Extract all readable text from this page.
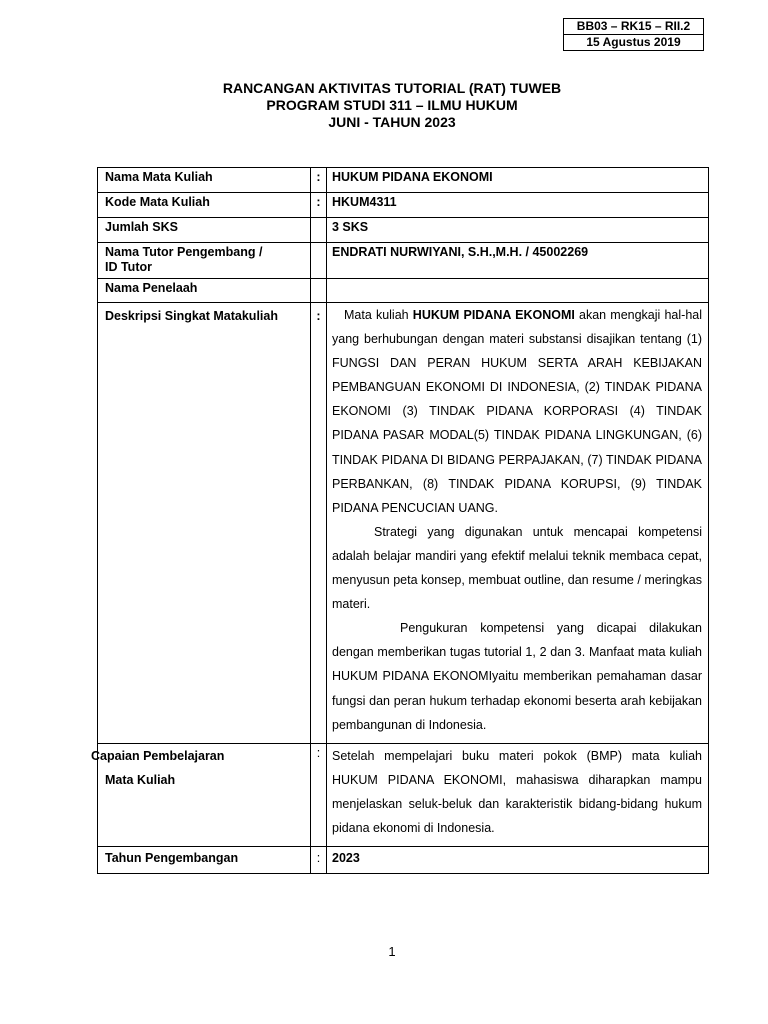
BB03 – RK15 – RII.2
15 Agustus 2019
RANCANGAN AKTIVITAS TUTORIAL (RAT) TUWEB
PROGRAM STUDI 311 – ILMU HUKUM
JUNI - TAHUN 2023
Nama Mata Kuliah	:	HUKUM PIDANA EKONOMI
Kode Mata Kuliah	:	HKUM4311
Jumlah SKS		3 SKS

Nama Tutor Pengembang /
ID Tutor		ENDRATI NURWIYANI, S.H.,M.H. / 45002269
Nama Penelaah		
Deskripsi Singkat Matakuliah	:	Mata kuliah HUKUM PIDANA EKONOMI akan mengkaji hal-hal yang berhubungan dengan materi substansi disajikan tentang (1) FUNGSI DAN PERAN HUKUM SERTA ARAH KEBIJAKAN PEMBANGUAN EKONOMI DI INDONESIA, (2) TINDAK PIDANA EKONOMI (3) TINDAK PIDANA KORPORASI (4) TINDAK PIDANA PASAR MODAL(5) TINDAK PIDANA LINGKUNGAN, (6) TINDAK PIDANA DI BIDANG PERPAJAKAN, (7) TINDAK PIDANA PERBANKAN, (8) TINDAK PIDANA KORUPSI, (9) TINDAK PIDANA PENCUCIAN UANG.

Strategi yang digunakan untuk mencapai kompetensi adalah belajar mandiri yang efektif melalui teknik membaca cepat, menyusun peta konsep, membuat outline, dan resume / meringkas materi.

Pengukuran kompetensi yang dicapai dilakukan dengan memberikan tugas tutorial 1, 2 dan 3. Manfaat mata kuliah HUKUM PIDANA EKONOMIyaitu memberikan pemahaman dasar fungsi dan peran hukum terhadap ekonomi beserta arah kebijakan pembangunan di Indonesia.

Capaian Pembelajaran
Mata Kuliah	:	Setelah mempelajari buku materi pokok (BMP) mata kuliah HUKUM PIDANA EKONOMI, mahasiswa diharapkan mampu menjelaskan seluk-beluk dan karakteristik bidang-bidang hukum pidana ekonomi di Indonesia.
Tahun Pengembangan	:	2023
1
